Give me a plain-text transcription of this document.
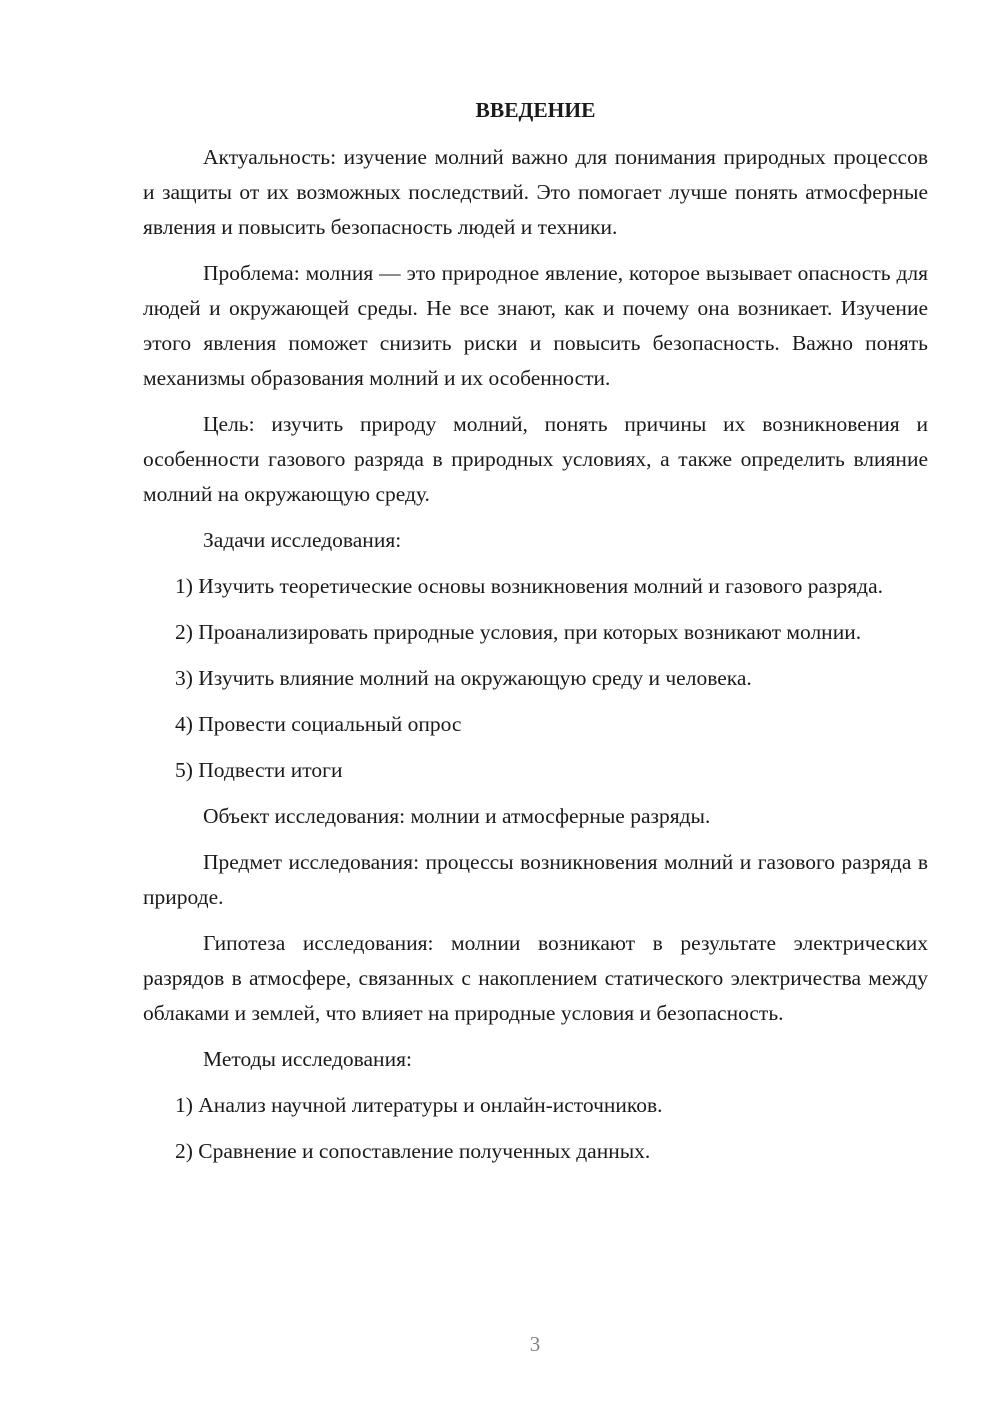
ВВЕДЕНИЕ

Актуальность: изучение молний важно для понимания природных процессов и защиты от их возможных последствий. Это помогает лучше понять атмосферные явления и повысить безопасность людей и техники.

Проблема: молния — это природное явление, которое вызывает опасность для людей и окружающей среды. Не все знают, как и почему она возникает. Изучение этого явления поможет снизить риски и повысить безопасность. Важно понять механизмы образования молний и их особенности.

Цель: изучить природу молний, понять причины их возникновения и особенности газового разряда в природных условиях, а также определить влияние молний на окружающую среду.

Задачи исследования:

1) Изучить теоретические основы возникновения молний и газового разряда.

2) Проанализировать природные условия, при которых возникают молнии.

3) Изучить влияние молний на окружающую среду и человека.

4) Провести социальный опрос

5) Подвести итоги

Объект исследования: молнии и атмосферные разряды.

Предмет исследования: процессы возникновения молний и газового разряда в природе.

Гипотеза исследования: молнии возникают в результате электрических разрядов в атмосфере, связанных с накоплением статического электричества между облаками и землей, что влияет на природные условия и безопасность.

Методы исследования:

1) Анализ научной литературы и онлайн-источников.

2) Сравнение и сопоставление полученных данных.

3
